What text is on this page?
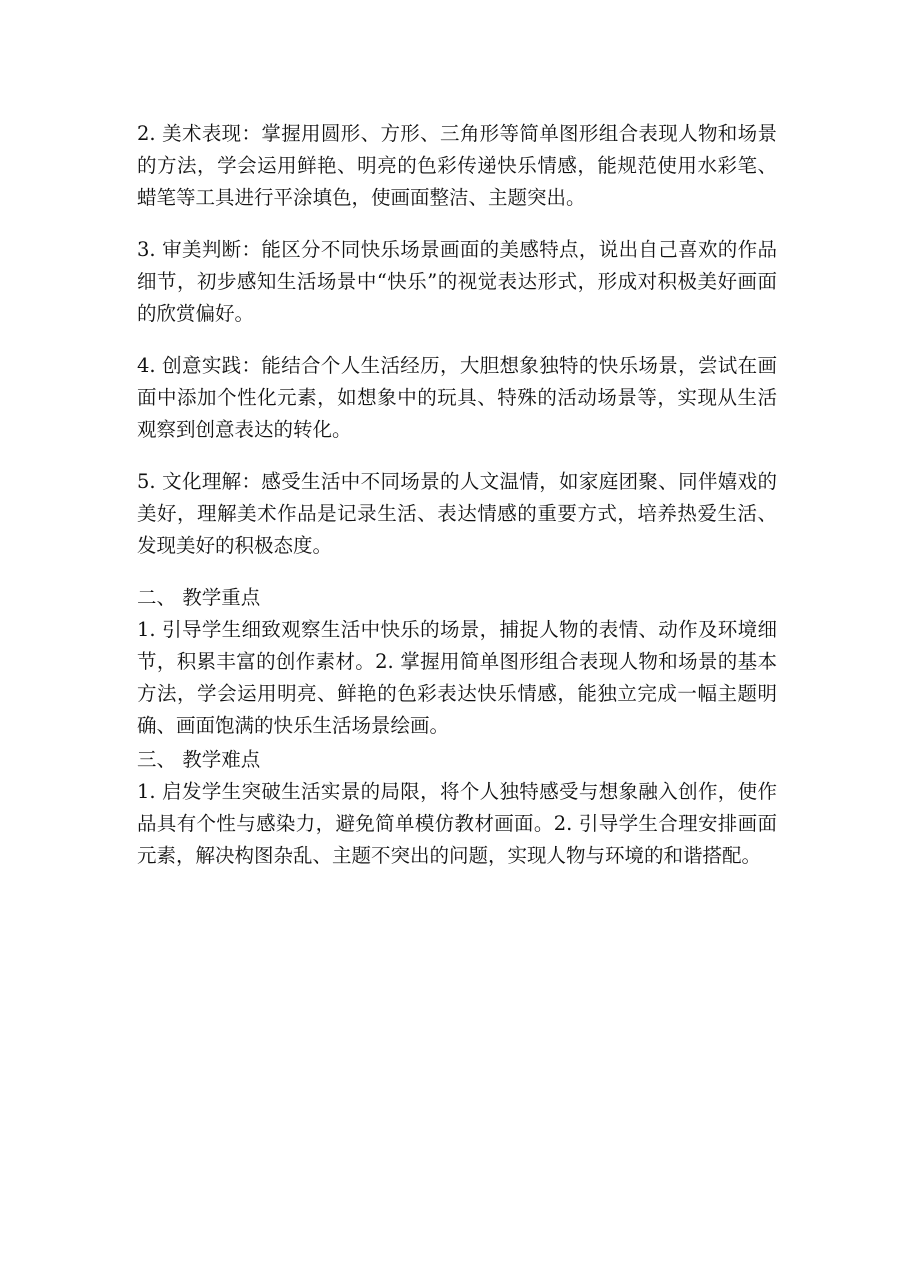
2. 美术表现：掌握用圆形、方形、三角形等简单图形组合表现人物和场景的方法，学会运用鲜艳、明亮的色彩传递快乐情感，能规范使用水彩笔、蜡笔等工具进行平涂填色，使画面整洁、主题突出。

3. 审美判断：能区分不同快乐场景画面的美感特点，说出自己喜欢的作品细节，初步感知生活场景中“快乐”的视觉表达形式，形成对积极美好画面的欣赏偏好。

4. 创意实践：能结合个人生活经历，大胆想象独特的快乐场景，尝试在画面中添加个性化元素，如想象中的玩具、特殊的活动场景等，实现从生活观察到创意表达的转化。

5. 文化理解：感受生活中不同场景的人文温情，如家庭团聚、同伴嬉戏的美好，理解美术作品是记录生活、表达情感的重要方式，培养热爱生活、发现美好的积极态度。

二、 教学重点

1. 引导学生细致观察生活中快乐的场景，捕捉人物的表情、动作及环境细节，积累丰富的创作素材。2. 掌握用简单图形组合表现人物和场景的基本方法，学会运用明亮、鲜艳的色彩表达快乐情感，能独立完成一幅主题明确、画面饱满的快乐生活场景绘画。

三、 教学难点

1. 启发学生突破生活实景的局限，将个人独特感受与想象融入创作，使作品具有个性与感染力，避免简单模仿教材画面。2. 引导学生合理安排画面元素，解决构图杂乱、主题不突出的问题，实现人物与环境的和谐搭配。
